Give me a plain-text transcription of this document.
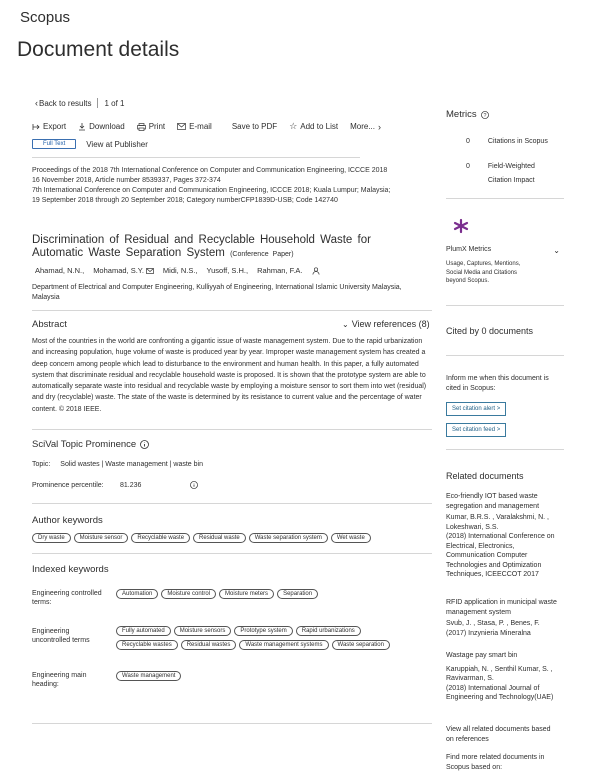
Scopus
Document details
‹ Back to results 1 of 1
Export	Download	Print	E-mail	Save to PDF ☆ Add to List More... ›
Full Text	View at Publisher
Proceedings of the 2018 7th International Conference on Computer and Communication Engineering, ICCCE 2018
16 November 2018, Article number 8539337, Pages 372-374
7th International Conference on Computer and Communication Engineering, ICCCE 2018; Kuala Lumpur; Malaysia; 19 September 2018 through 20 September 2018; Category numberCFP1839D-USB; Code 142740
Discrimination of Residual and Recyclable Household Waste for Automatic Waste Separation System (Conference Paper)
Ahamad, N.N., Mohamad, S.Y.	Midi, N.S., Yusoff, S.H., Rahman, F.A.
Department of Electrical and Computer Engineering, Kulliyyah of Engineering, International Islamic University Malaysia, Malaysia
Abstract	⌄ View references (8)
Most of the countries in the world are confronting a gigantic issue of waste management system. Due to the rapid urbanization and increasing population, huge volume of waste is produced year by year. Improper waste management system has created a deep concern among people which lead to disturbance to the environment and human health. In this paper, a fully automated system that discriminate residual and recyclable household waste is proposed. It is shown that the prototype system are able to automatically separate waste into residual and recyclable waste by employing a moisture sensor to sort them into wet (residual) and dry (recyclable) waste. The state of the waste is determined by its resistance to current value and the percentage of water content. © 2018 IEEE.
SciVal Topic Prominence
Topic: Solid wastes | Waste management | waste bin
Prominence percentile:	81.236
Author keywords
Dry waste	Moisture sensor	Recyclable waste	Residual waste	Waste separation system	Wet waste
Indexed keywords
Engineering controlled terms:
Automation	Moisture control	Moisture meters	Separation
Engineering uncontrolled terms
Fully automated	Moisture sensors	Prototype system	Rapid urbanizations
Recyclable wastes	Residual wastes	Waste management systems	Waste separation
Engineering main heading:
Waste management
Metrics ?
0	Citations in Scopus
0	Field-Weighted Citation Impact
PlumX Metrics	⌄
Usage, Captures, Mentions, Social Media and Citations beyond Scopus.
Cited by 0 documents
Inform me when this document is cited in Scopus:
Set citation alert >
Set citation feed >
Related documents
Eco-friendly IOT based waste segregation and management
Kumar, B.R.S. , Varalakshmi, N. , Lokeshwari, S.S.
(2018) International Conference on Electrical, Electronics, Communication Computer Technologies and Optimization Techniques, ICEECCOT 2017
RFID application in municipal waste management system
Svub, J. , Stasa, P. , Benes, F.
(2017) Inzynieria Mineralna
Wastage pay smart bin
Karuppiah, N. , Senthil Kumar, S. , Ravivarman, S.
(2018) International Journal of Engineering and Technology(UAE)
View all related documents based on references
Find more related documents in Scopus based on:
